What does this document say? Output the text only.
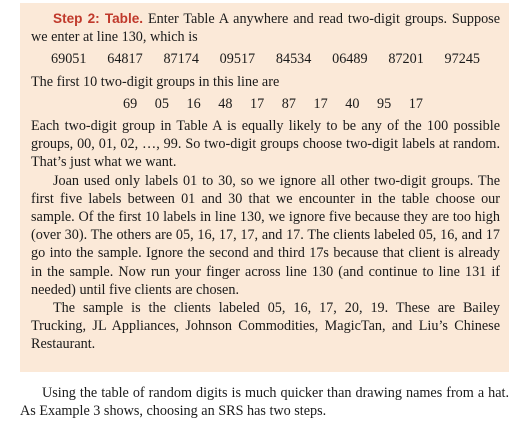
Step 2: Table. Enter Table A anywhere and read two-digit groups. Suppose we enter at line 130, which is

69051 64817 87174 09517 84534 06489 87201 97245

The first 10 two-digit groups in this line are

69 05 16 48 17 87 17 40 95 17

Each two-digit group in Table A is equally likely to be any of the 100 possible groups, 00, 01, 02, …, 99. So two-digit groups choose two-digit labels at random. That’s just what we want.

Joan used only labels 01 to 30, so we ignore all other two-digit groups. The first five labels between 01 and 30 that we encounter in the table choose our sample. Of the first 10 labels in line 130, we ignore five because they are too high (over 30). The others are 05, 16, 17, 17, and 17. The clients labeled 05, 16, and 17 go into the sample. Ignore the second and third 17s because that client is already in the sample. Now run your finger across line 130 (and continue to line 131 if needed) until five clients are chosen.

The sample is the clients labeled 05, 16, 17, 20, 19. These are Bailey Trucking, JL Appliances, Johnson Commodities, MagicTan, and Liu’s Chinese Restaurant.

Using the table of random digits is much quicker than drawing names from a hat. As Example 3 shows, choosing an SRS has two steps.
